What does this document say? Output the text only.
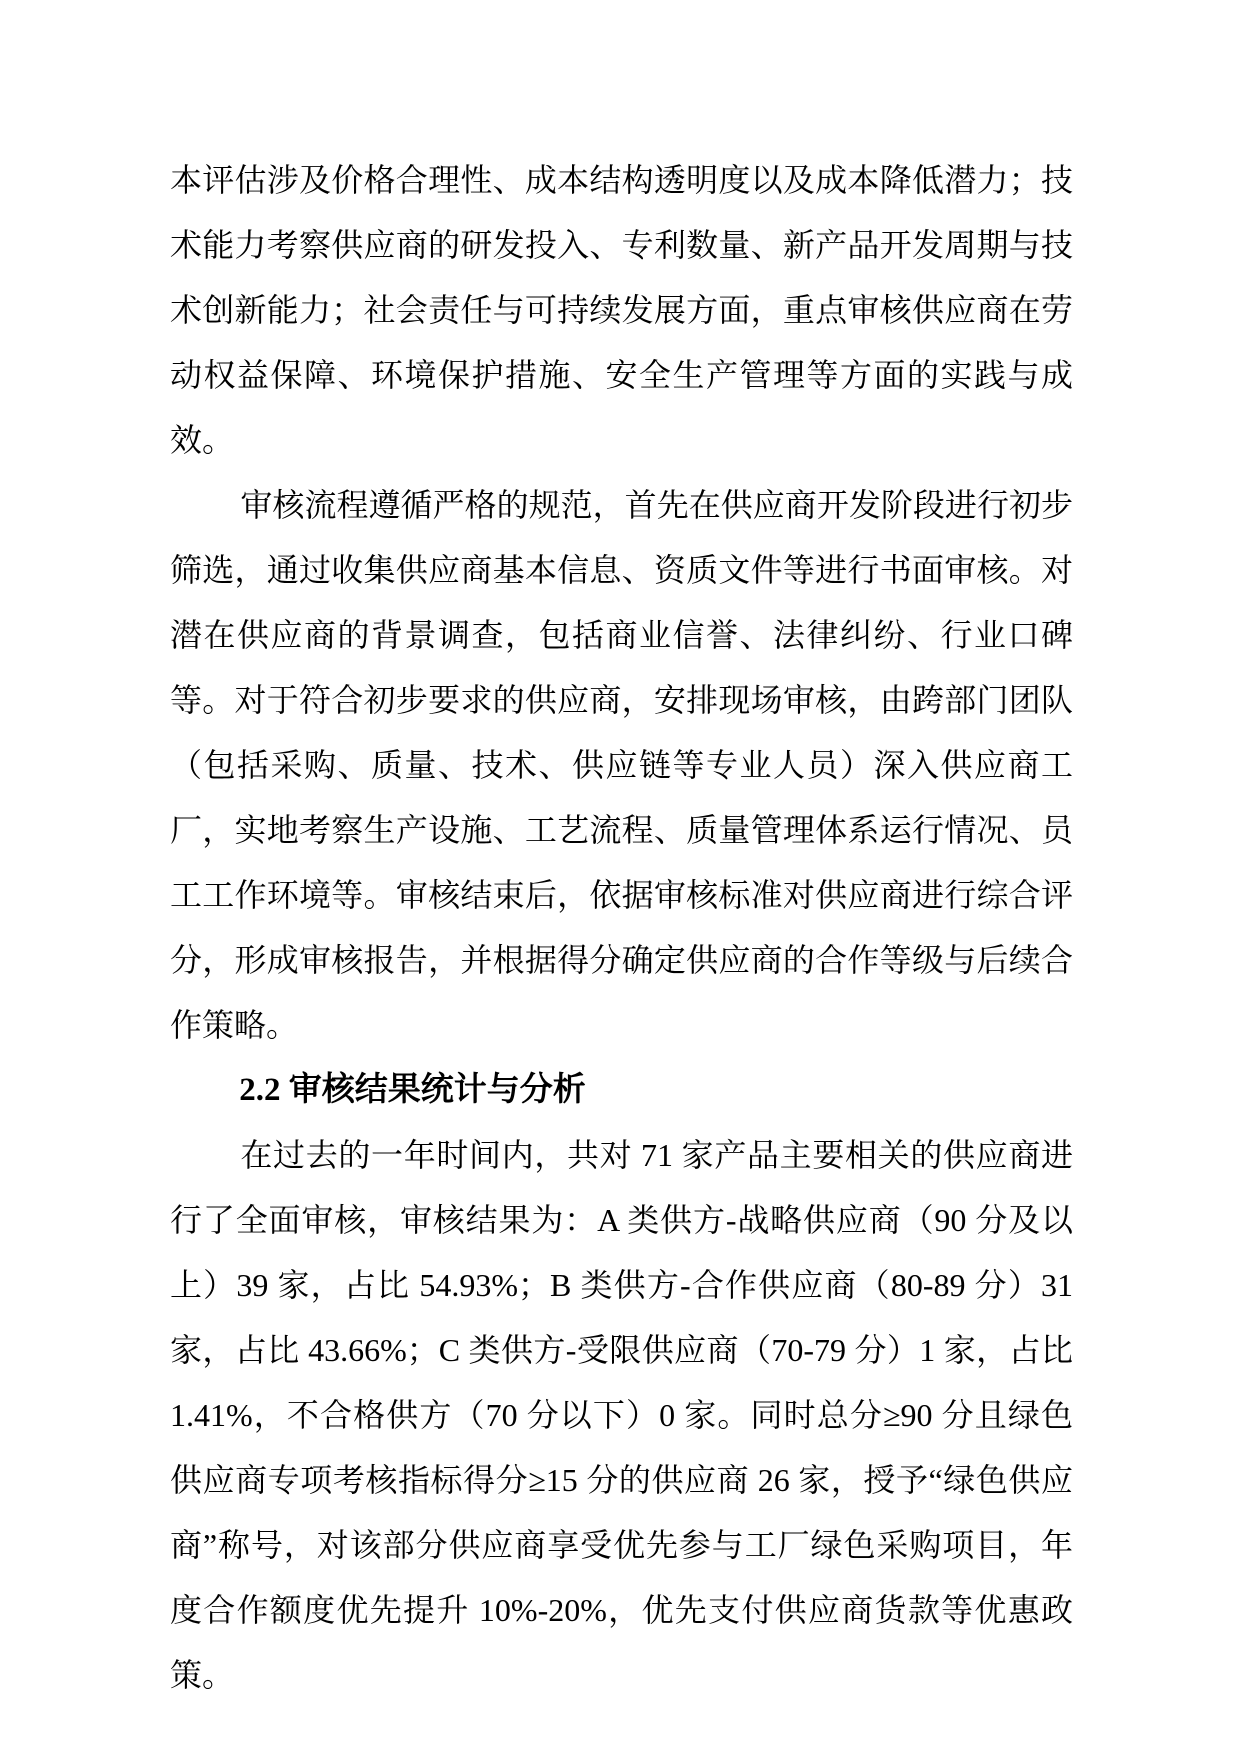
本评估涉及价格合理性、成本结构透明度以及成本降低潜力；技术能力考察供应商的研发投入、专利数量、新产品开发周期与技术创新能力；社会责任与可持续发展方面，重点审核供应商在劳动权益保障、环境保护措施、安全生产管理等方面的实践与成效。

审核流程遵循严格的规范，首先在供应商开发阶段进行初步筛选，通过收集供应商基本信息、资质文件等进行书面审核。对潜在供应商的背景调查，包括商业信誉、法律纠纷、行业口碑等。对于符合初步要求的供应商，安排现场审核，由跨部门团队（包括采购、质量、技术、供应链等专业人员）深入供应商工厂，实地考察生产设施、工艺流程、质量管理体系运行情况、员工工作环境等。审核结束后，依据审核标准对供应商进行综合评分，形成审核报告，并根据得分确定供应商的合作等级与后续合作策略。

2.2 审核结果统计与分析

在过去的一年时间内，共对 71 家产品主要相关的供应商进行了全面审核，审核结果为：A 类供方-战略供应商（90 分及以上）39 家，占比 54.93%；B 类供方-合作供应商（80-89 分）31 家，占比 43.66%；C 类供方-受限供应商（70-79 分）1 家，占比 1.41%，不合格供方（70 分以下）0 家。同时总分≥90 分且绿色供应商专项考核指标得分≥15 分的供应商 26 家，授予“绿色供应商”称号，对该部分供应商享受优先参与工厂绿色采购项目，年度合作额度优先提升 10%-20%，优先支付供应商货款等优惠政策。
